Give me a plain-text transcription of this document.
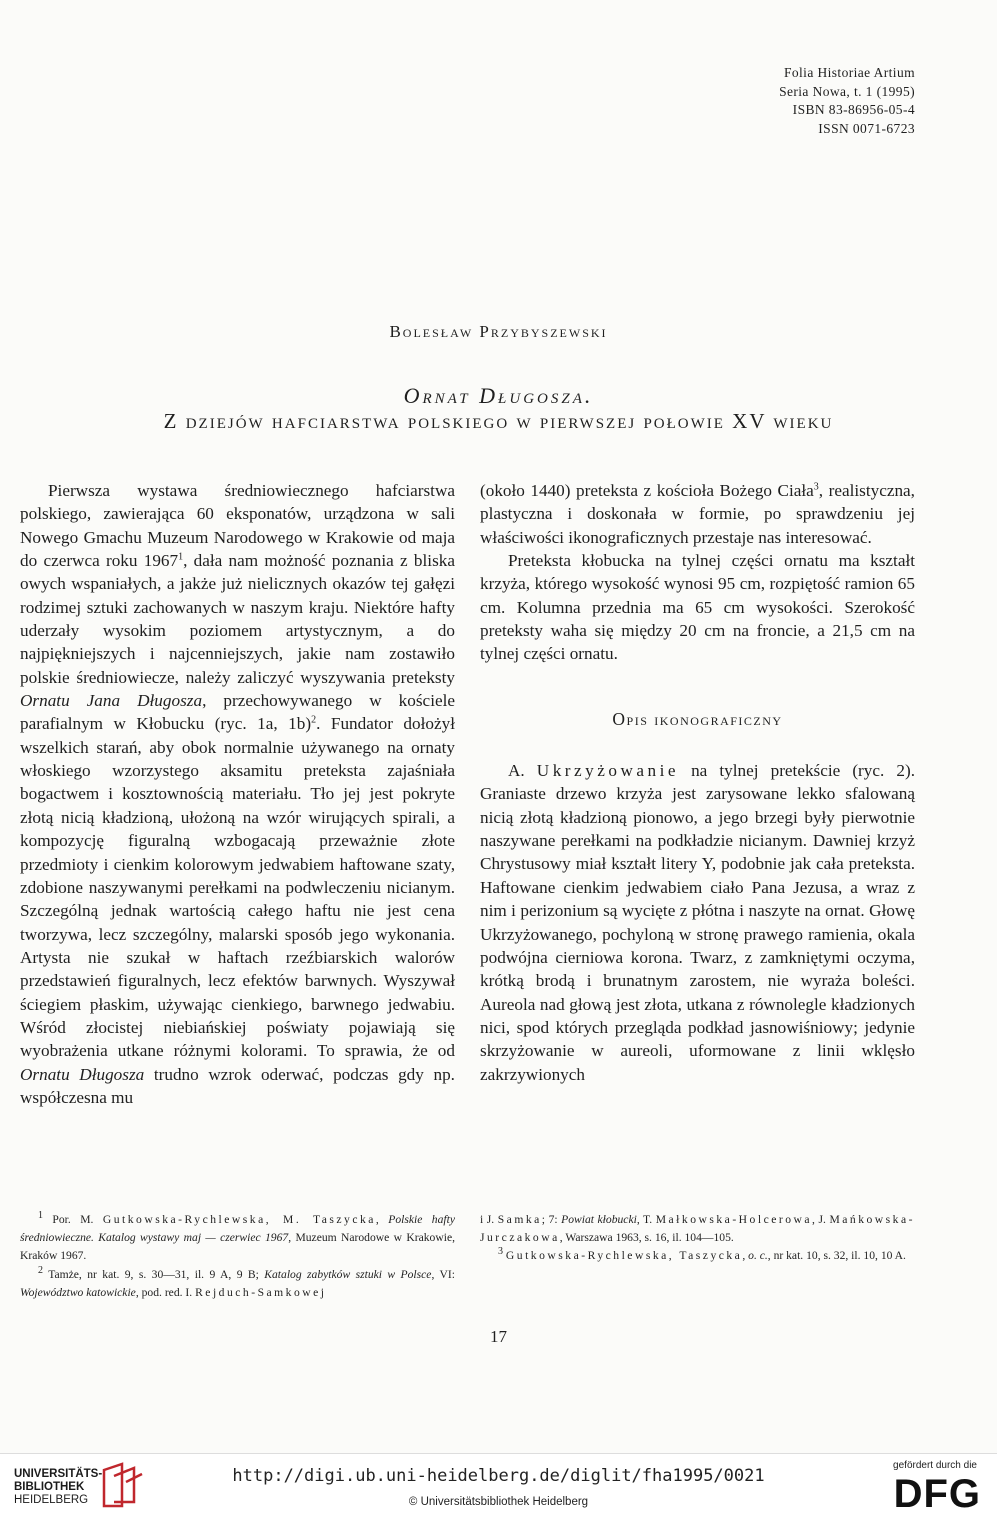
Folia Historiae Artium
Seria Nowa, t. 1 (1995)
ISBN 83-86956-05-4
ISSN 0071-6723
Bolesław Przybyszewski
Ornat Długosza.
Z dziejów hafciarstwa polskiego w pierwszej połowie XV wieku

Pierwsza wystawa średniowiecznego hafciarstwa polskiego, zawierająca 60 eksponatów, urządzona w sali Nowego Gmachu Muzeum Narodowego w Krakowie od maja do czerwca roku 1967$^1$, dała nam możność poznania z bliska owych wspaniałych, a jakże już nielicznych okazów tej gałęzi rodzimej sztuki zachowanych w naszym kraju. Niektóre hafty uderzały wysokim poziomem artystycznym, a do najpiękniejszych i najcenniejszych, jakie nam zostawiło polskie średniowiecze, należy zaliczyć wyszywania preteksty Ornatu Jana Długosza, przechowywanego w kościele parafialnym w Kłobucku (ryc. 1a, 1b)$^2$. Fundator dołożył wszelkich starań, aby obok normalnie używanego na ornaty włoskiego wzorzystego aksamitu preteksta zajaśniała bogactwem i kosztownością materiału. Tło jej jest pokryte złotą nicią kładzioną, ułożoną na wzór wirujących spirali, a kompozycję figuralną wzbogacają przeważnie złote przedmioty i cienkim kolorowym jedwabiem haftowane szaty, zdobione naszywanymi perełkami na podwleczeniu nicianym. Szczególną jednak wartością całego haftu nie jest cena tworzywa, lecz szczególny, malarski sposób jego wykonania. Artysta nie szukał w haftach rzeźbiarskich walorów przedstawień figuralnych, lecz efektów barwnych. Wyszywał ściegiem płaskim, używając cienkiego, barwnego jedwabiu. Wśród złocistej niebiańskiej poświaty pojawiają się wyobrażenia utkane różnymi kolorami. To sprawia, że od Ornatu Długosza trudno wzrok oderwać, podczas gdy np. współczesna mu

(około 1440) preteksta z kościoła Bożego Ciała$^3$, realistyczna, plastyczna i doskonała w formie, po sprawdzeniu jej właściwości ikonograficznych przestaje nas interesować.

Preteksta kłobucka na tylnej części ornatu ma kształt krzyża, którego wysokość wynosi 95 cm, rozpiętość ramion 65 cm. Kolumna przednia ma 65 cm wysokości. Szerokość preteksty waha się między 20 cm na froncie, a 21,5 cm na tylnej części ornatu.

Opis ikonograficzny

A. Ukrzyżowanie na tylnej pretekście (ryc. 2). Graniaste drzewo krzyża jest zarysowane lekko sfalowaną nicią złotą kładzioną pionowo, a jego brzegi były pierwotnie naszywane perełkami na podkładzie nicianym. Dawniej krzyż Chrystusowy miał kształt litery Y, podobnie jak cała preteksta. Haftowane cienkim jedwabiem ciało Pana Jezusa, a wraz z nim i perizonium są wycięte z płótna i naszyte na ornat. Głowę Ukrzyżowanego, pochyloną w stronę prawego ramienia, okala podwójna cierniowa korona. Twarz, z zamkniętymi oczyma, krótką brodą i brunatnym zarostem, nie wyraża boleści. Aureola nad głową jest złota, utkana z równolegle kładzionych nici, spod których przegląda podkład jasnowiśniowy; jedynie skrzyżowanie w aureoli, uformowane z linii wklęsło zakrzywionych

$^1$ Por. M. Gutkowska-Rychlewska, M. Taszycka, Polskie hafty średniowieczne. Katalog wystawy maj — czerwiec 1967, Muzeum Narodowe w Krakowie, Kraków 1967.

$^2$ Tamże, nr kat. 9, s. 30—31, il. 9 A, 9 B; Katalog zabytków sztuki w Polsce, VI: Województwo katowickie, pod. red. I. Rejduch-Samkowej

i J. Samka; 7: Powiat kłobucki, T. Małkowska-Holcerowa, J. Mańkowska-Jurczakowa, Warszawa 1963, s. 16, il. 104—105.

$^3$ Gutkowska-Rychlewska, Taszycka, o. c., nr kat. 10, s. 32, il. 10, 10 A.

17
UNIVERSITÄTS-
BIBLIOTHEK
HEIDELBERG
http://digi.ub.uni-heidelberg.de/diglit/fha1995/0021
© Universitätsbibliothek Heidelberg
gefördert durch die
DFG
